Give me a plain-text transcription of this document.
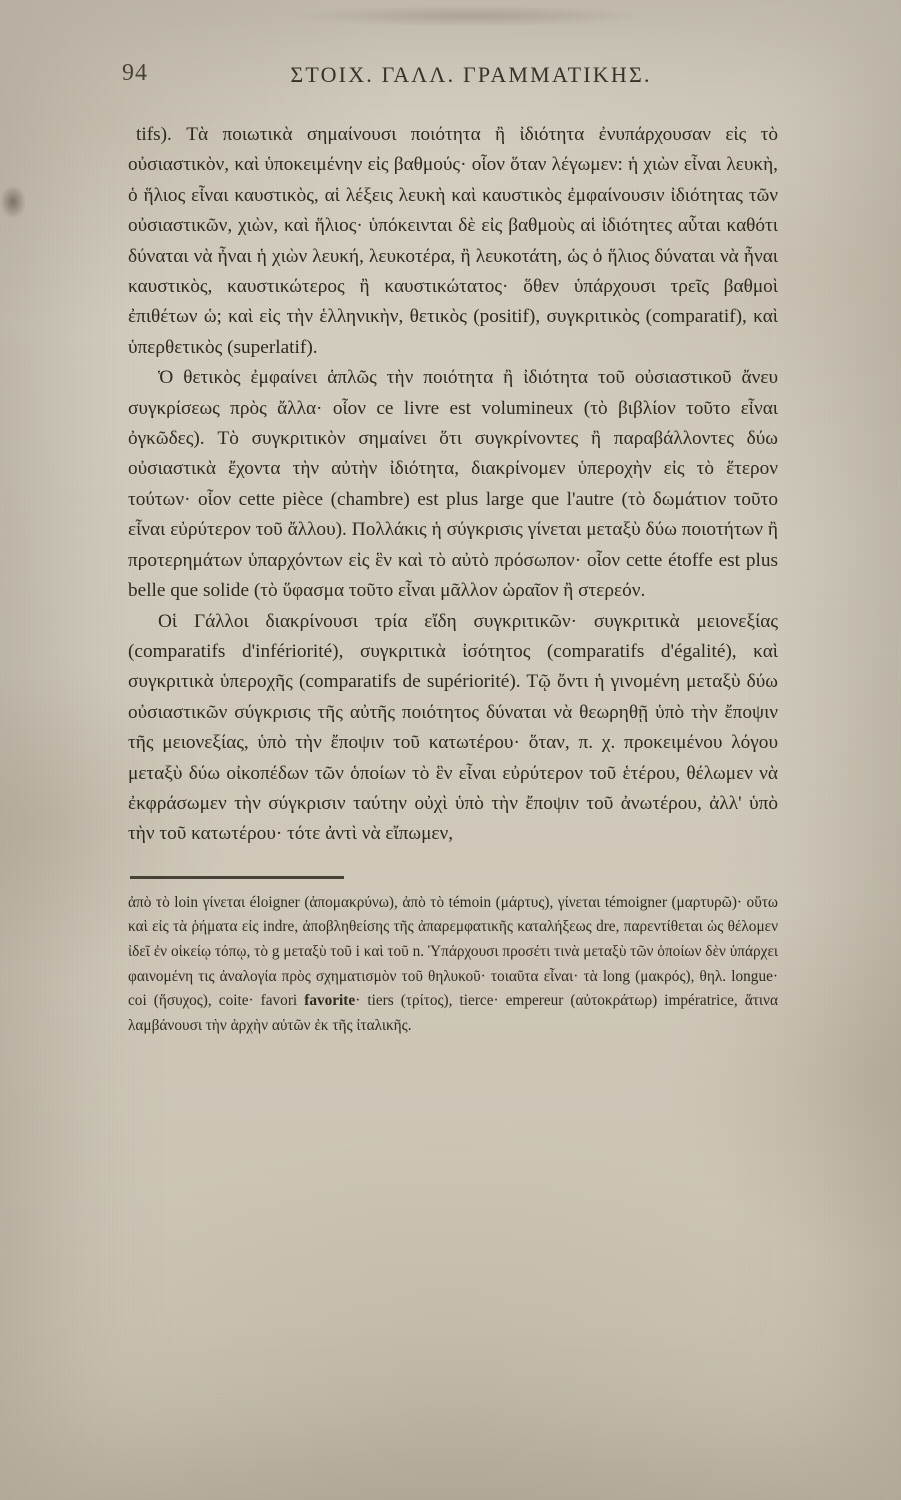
94	ΣΤΟΙΧ. ΓΑΛΛ. ΓΡΑΜΜΑΤΙΚΗΣ.

tifs). Τὰ ποιωτικὰ σημαίνουσι ποιότητα ἢ ἰδιότητα ἐνυπάρχουσαν εἰς τὸ οὐσιαστικὸν, καὶ ὑποκειμένην εἰς βαθμούς· οἷον ὅταν λέγωμεν: ἡ χιὼν εἶναι λευκὴ, ὁ ἥλιος εἶναι καυστικὸς, αἱ λέξεις λευκὴ καὶ καυστικὸς ἐμφαίνουσιν ἰδιότητας τῶν οὐσιαστικῶν, χιὼν, καὶ ἥλιος· ὑπόκεινται δὲ εἰς βαθμοὺς αἱ ἰδιότητες αὗται καθότι δύναται νὰ ἦναι ἡ χιὼν λευκή, λευκοτέρα, ἢ λευκοτάτη, ὡς ὁ ἥλιος δύναται νὰ ἦναι καυστικὸς, καυστικώτερος ἢ καυστικώτατος· ὅθεν ὑπάρχουσι τρεῖς βαθμοὶ ἐπιθέτων ὡ; καὶ εἰς τὴν ἑλληνικὴν, θετικὸς (positif), συγκριτικὸς (comparatif), καὶ ὑπερθετικὸς (superlatif).

Ὁ θετικὸς ἐμφαίνει ἁπλῶς τὴν ποιότητα ἢ ἰδιότητα τοῦ οὐσιαστικοῦ ἄνευ συγκρίσεως πρὸς ἄλλα· οἷον ce livre est volumineux (τὸ βιβλίον τοῦτο εἶναι ὀγκῶδες). Τὸ συγκριτικὸν σημαίνει ὅτι συγκρίνοντες ἢ παραβάλλοντες δύω οὐσιαστικὰ ἔχοντα τὴν αὐτὴν ἰδιότητα, διακρίνομεν ὑπεροχὴν εἰς τὸ ἕτερον τούτων· οἷον cette pièce (chambre) est plus large que l'autre (τὸ δωμάτιον τοῦτο εἶναι εὐρύτερον τοῦ ἄλλου). Πολλάκις ἡ σύγκρισις γίνεται μεταξὺ δύω ποιοτήτων ἢ προτερημάτων ὑπαρχόντων εἰς ἓν καὶ τὸ αὐτὸ πρόσωπον· οἷον cette étoffe est plus belle que solide (τὸ ὕφασμα τοῦτο εἶναι μᾶλλον ὡραῖον ἢ στερεόν.

Οἱ Γάλλοι διακρίνουσι τρία εἴδη συγκριτικῶν· συγκριτικὰ μειονεξίας (comparatifs d'infériorité), συγκριτικὰ ἰσότητος (comparatifs d'égalité), καὶ συγκριτικὰ ὑπεροχῆς (comparatifs de supériorité). Τῷ ὄντι ἡ γινομένη μεταξὺ δύω οὐσιαστικῶν σύγκρισις τῆς αὐτῆς ποιότητος δύναται νὰ θεωρηθῇ ὑπὸ τὴν ἔποψιν τῆς μειονεξίας, ὑπὸ τὴν ἔποψιν τοῦ κατωτέρου· ὅταν, π. χ. προκειμένου λόγου μεταξὺ δύω οἰκοπέδων τῶν ὁποίων τὸ ἓν εἶναι εὐρύτερον τοῦ ἑτέρου, θέλωμεν νὰ ἐκφράσωμεν τὴν σύγκρισιν ταύτην οὐχὶ ὑπὸ τὴν ἔποψιν τοῦ ἀνωτέρου, ἀλλ' ὑπὸ τὴν τοῦ κατωτέρου· τότε ἀντὶ νὰ εἴπωμεν,

ἀπὸ τὸ loin γίνεται éloigner (ἀπομακρύνω), ἀπὸ τὸ témoin (μάρτυς), γίνεται témoigner (μαρτυρῶ)· οὕτω καὶ εἰς τὰ ῥήματα εἰς indre, ἀποβληθείσης τῆς ἀπαρεμφατικῆς καταλήξεως dre, παρεντίθεται ὡς θέλομεν ἰδεῖ ἐν οἰκείῳ τόπῳ, τὸ g μεταξὺ τοῦ i καὶ τοῦ n. Ὑπάρχουσι προσέτι τινὰ μεταξὺ τῶν ὁποίων δὲν ὑπάρχει φαινομένη τις ἀναλογία πρὸς σχηματισμὸν τοῦ θηλυκοῦ· τοιαῦτα εἶναι· τὰ long (μακρός), θηλ. longue· coi (ἥσυχος), coite· favori favorite· tiers (τρίτος), tierce· empereur (αὐτοκράτωρ) impératrice, ἅτινα λαμβάνουσι τὴν ἀρχὴν αὐτῶν ἐκ τῆς ἰταλικῆς.
